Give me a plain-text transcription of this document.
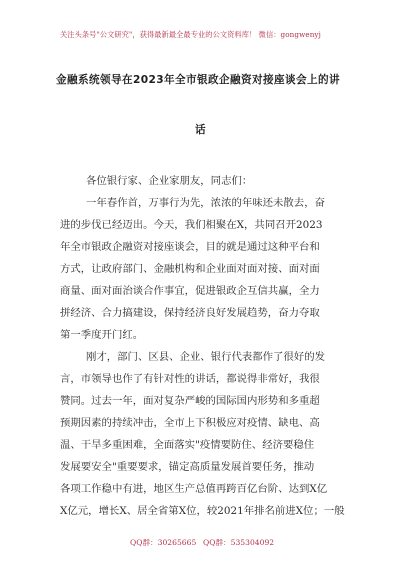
关注头条号"公文研究"，获得最新最全最专业的公文资料库！ 微信：gongwenyj
金融系统领导在2023年全市银政企融资对接座谈会上的讲
话
各位银行家、企业家朋友，同志们：
一年春作首，万事行为先，浓浓的年味还未散去，奋
进的步伐已经迈出。今天，我们相聚在X，共同召开2023
年全市银政企融资对接座谈会，目的就是通过这种平台和
方式，让政府部门、金融机构和企业面对面对接、面对面
商量、面对面治谈合作事宜，促进银政企互信共赢，全力
拼经济、合力搞建设，保持经济良好发展趋势，奋力夺取
第一季度开门红。
刚才，部门、区县、企业、银行代表都作了很好的发
言，市领导也作了有针对性的讲话，都说得非常好，我很
赞同。过去一年，面对复杂严峻的国际国内形势和多重超
预期因素的持续冲击，全市上下积极应对疫情、缺电、高
温、干旱多重困难，全面落实"疫情要防住、经济要稳住
发展要安全"重要要求，锚定高质量发展首要任务，推动
各项工作稳中有进，地区生产总值再跨百亿台阶、达到X亿
X亿元，增长X、居全省第X位，较2021年排名前进X位；一般
QQ群：30265665 QQ群：535304092
